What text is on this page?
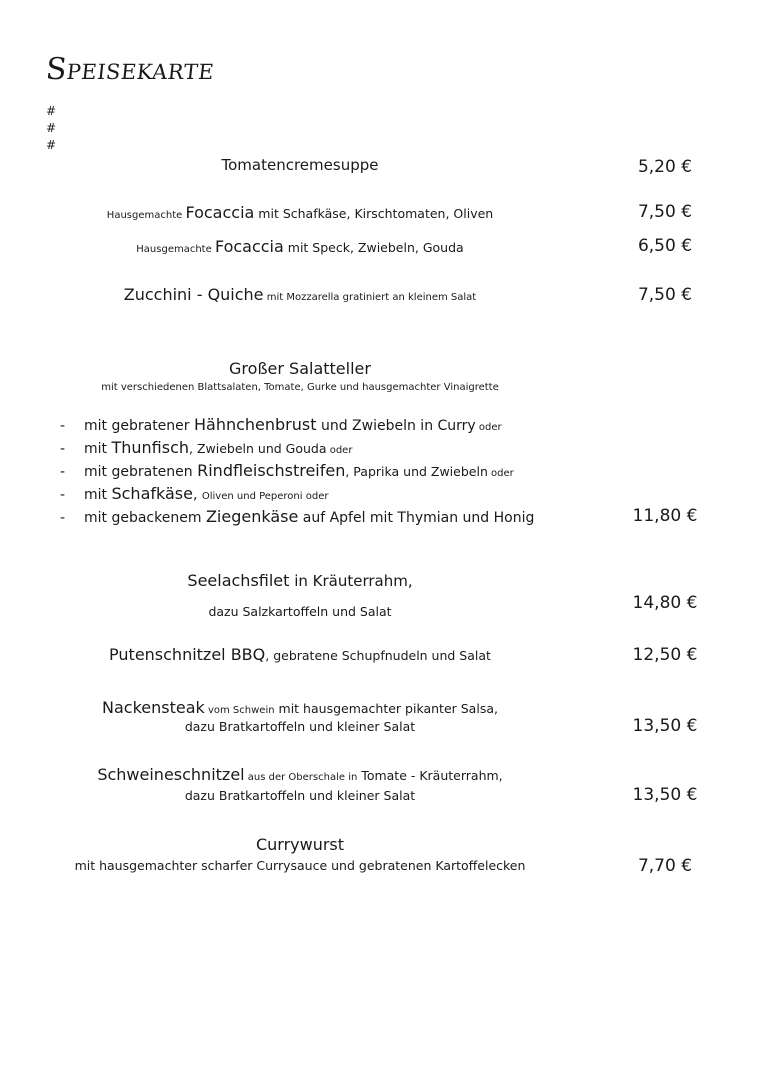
Speisekarte
#
#
#
Tomatencremesuppe	5,20 €
Hausgemachte Focaccia mit Schafkäse, Kirschtomaten, Oliven	7,50 €
Hausgemachte Focaccia mit Speck, Zwiebeln, Gouda	6,50 €
Zucchini - Quiche mit Mozzarella gratiniert an kleinem Salat	7,50 €
Großer Salatteller
mit verschiedenen Blattsalaten, Tomate, Gurke und hausgemachter Vinaigrette
- mit gebratener Hähnchenbrust und Zwiebeln in Curry oder
- mit Thunfisch, Zwiebeln und Gouda oder
- mit gebratenen Rindfleischstreifen, Paprika und Zwiebeln oder
- mit Schafkäse, Oliven und Peperoni oder
- mit gebackenem Ziegenkäse auf Apfel mit Thymian und Honig	11,80 €
Seelachsfilet in Kräuterrahm,
dazu Salzkartoffeln und Salat	14,80 €
Putenschnitzel BBQ, gebratene Schupfnudeln und Salat	12,50 €
Nackensteak vom Schwein mit hausgemachter pikanter Salsa,
dazu Bratkartoffeln und kleiner Salat	13,50 €
Schweineschnitzel aus der Oberschale in Tomate - Kräuterrahm,
dazu Bratkartoffeln und kleiner Salat	13,50 €
Currywurst
mit hausgemachter scharfer Currysauce und gebratenen Kartoffelecken	7,70 €
